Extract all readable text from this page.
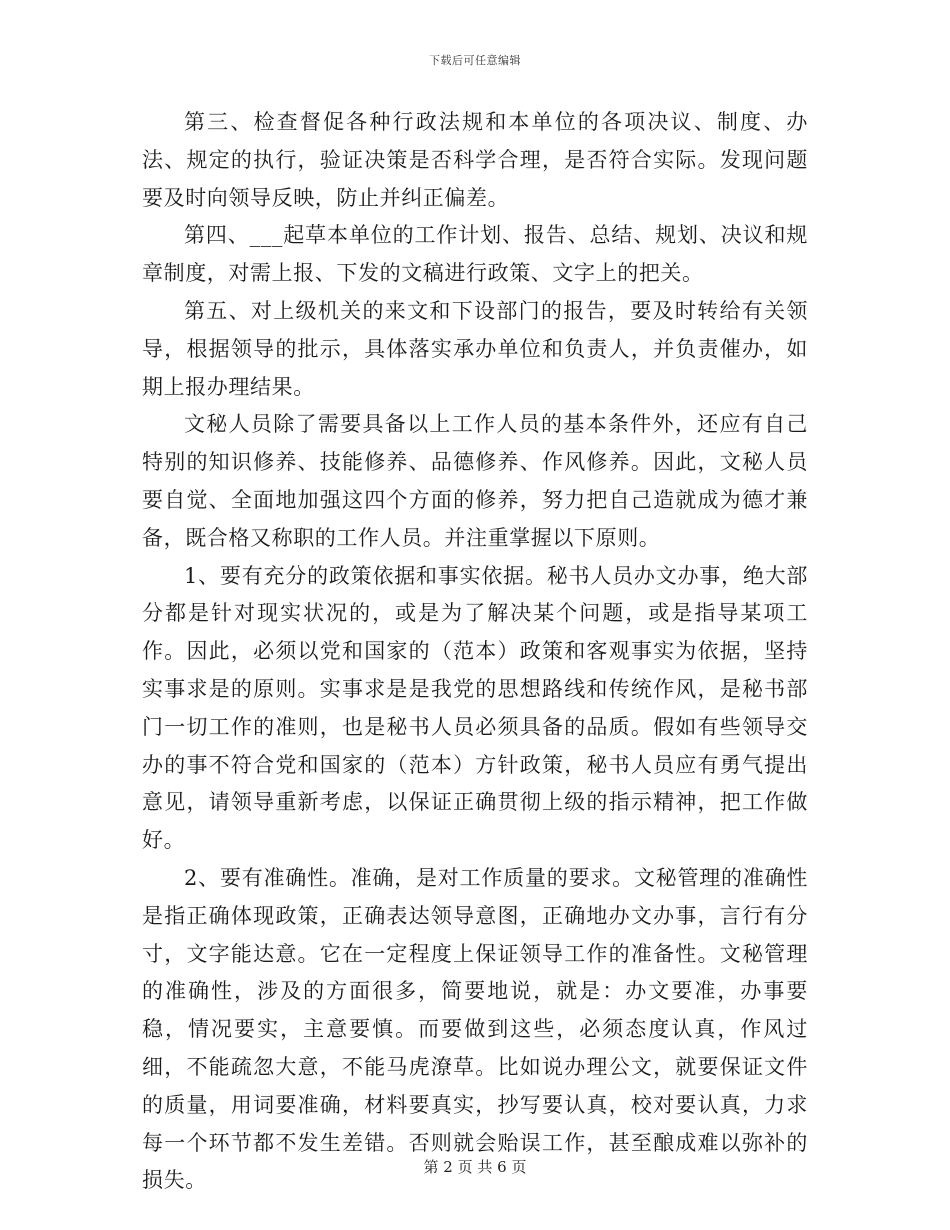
下载后可任意编辑

第三、检查督促各种行政法规和本单位的各项决议、制度、办法、规定的执行，验证决策是否科学合理，是否符合实际。发现问题要及时向领导反映，防止并纠正偏差。

第四、___起草本单位的工作计划、报告、总结、规划、决议和规章制度，对需上报、下发的文稿进行政策、文字上的把关。

第五、对上级机关的来文和下设部门的报告，要及时转给有关领导，根据领导的批示，具体落实承办单位和负责人，并负责催办，如期上报办理结果。

文秘人员除了需要具备以上工作人员的基本条件外，还应有自己特别的知识修养、技能修养、品德修养、作风修养。因此，文秘人员要自觉、全面地加强这四个方面的修养，努力把自己造就成为德才兼备，既合格又称职的工作人员。并注重掌握以下原则。

1、要有充分的政策依据和事实依据。秘书人员办文办事，绝大部分都是针对现实状况的，或是为了解决某个问题，或是指导某项工作。因此，必须以党和国家的（范本）政策和客观事实为依据，坚持实事求是的原则。实事求是是我党的思想路线和传统作风，是秘书部门一切工作的准则，也是秘书人员必须具备的品质。假如有些领导交办的事不符合党和国家的（范本）方针政策，秘书人员应有勇气提出意见，请领导重新考虑，以保证正确贯彻上级的指示精神，把工作做好。

2、要有准确性。准确，是对工作质量的要求。文秘管理的准确性是指正确体现政策，正确表达领导意图，正确地办文办事，言行有分寸，文字能达意。它在一定程度上保证领导工作的准备性。文秘管理的准确性，涉及的方面很多，简要地说，就是：办文要准，办事要稳，情况要实，主意要慎。而要做到这些，必须态度认真，作风过细，不能疏忽大意，不能马虎潦草。比如说办理公文，就要保证文件的质量，用词要准确，材料要真实，抄写要认真，校对要认真，力求每一个环节都不发生差错。否则就会贻误工作，甚至酿成难以弥补的损失。

第 2 页 共 6 页
